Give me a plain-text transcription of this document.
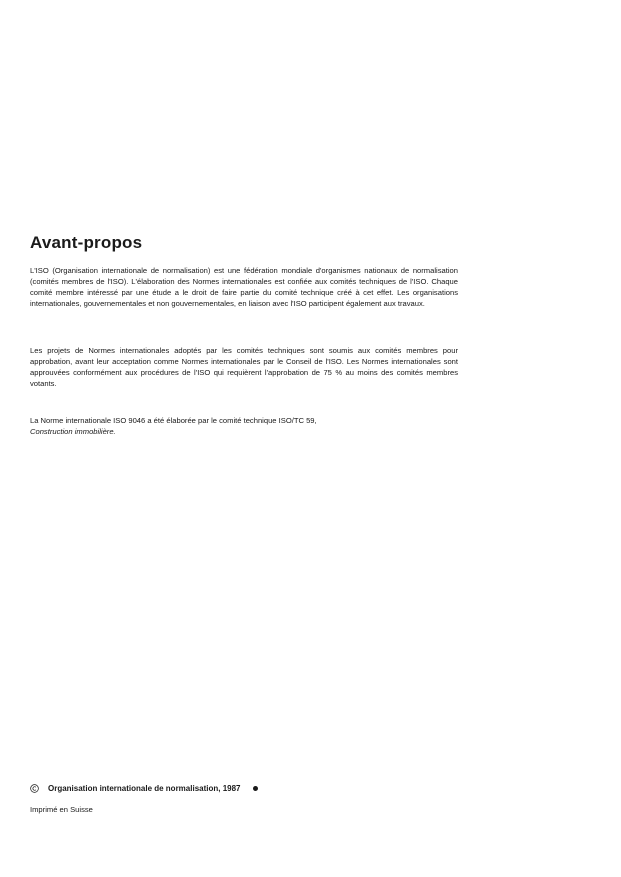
Avant-propos

L'ISO (Organisation internationale de normalisation) est une fédération mondiale d'organismes nationaux de normalisation (comités membres de l'ISO). L'élaboration des Normes internationales est confiée aux comités techniques de l'ISO. Chaque comité membre intéressé par une étude a le droit de faire partie du comité technique créé à cet effet. Les organisations internationales, gouvernementales et non gouvernementales, en liaison avec l'ISO participent également aux travaux.

Les projets de Normes internationales adoptés par les comités techniques sont soumis aux comités membres pour approbation, avant leur acceptation comme Normes internationales par le Conseil de l'ISO. Les Normes internationales sont approuvées conformément aux procédures de l'ISO qui requièrent l'approbation de 75 % au moins des comités membres votants.

La Norme internationale ISO 9046 a été élaborée par le comité technique ISO/TC 59,
Construction immobilière.

Organisation internationale de normalisation, 1987

Imprimé en Suisse
